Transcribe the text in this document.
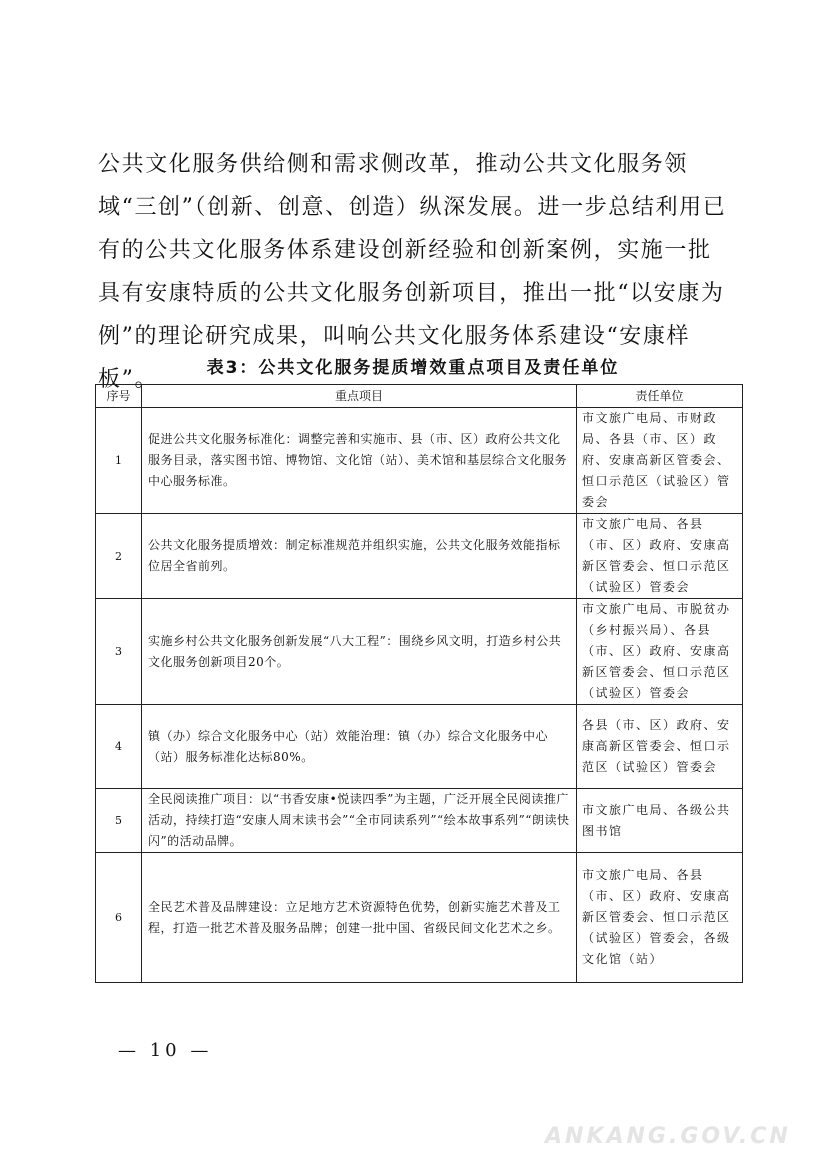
公共文化服务供给侧和需求侧改革，推动公共文化服务领域“三创”（创新、创意、创造）纵深发展。进一步总结利用已有的公共文化服务体系建设创新经验和创新案例，实施一批具有安康特质的公共文化服务创新项目，推出一批“以安康为例”的理论研究成果，叫响公共文化服务体系建设“安康样板”。	表3：公共文化服务提质增效重点项目及责任单位
序号	重点项目	责任单位
1	促进公共文化服务标准化：调整完善和实施市、县（市、区）政府公共文化服务目录，落实图书馆、博物馆、文化馆（站）、美术馆和基层综合文化服务中心服务标准。	市文旅广电局、市财政局、各县（市、区）政府、安康高新区管委会、恒口示范区（试验区）管委会
2	公共文化服务提质增效：制定标准规范并组织实施，公共文化服务效能指标位居全省前列。	市文旅广电局、各县（市、区）政府、安康高新区管委会、恒口示范区（试验区）管委会
3	实施乡村公共文化服务创新发展“八大工程”：围绕乡风文明，打造乡村公共文化服务创新项目20个。	市文旅广电局、市脱贫办（乡村振兴局）、各县（市、区）政府、安康高新区管委会、恒口示范区（试验区）管委会
4	镇（办）综合文化服务中心（站）效能治理：镇（办）综合文化服务中心（站）服务标准化达标80%。	各县（市、区）政府、安康高新区管委会、恒口示范区（试验区）管委会
5	全民阅读推广项目：以“书香安康•悦读四季”为主题，广泛开展全民阅读推广活动，持续打造“安康人周末读书会”“全市同读系列”“绘本故事系列”“朗读快闪”的活动品牌。	市文旅广电局、各级公共图书馆
6	全民艺术普及品牌建设：立足地方艺术资源特色优势，创新实施艺术普及工程，打造一批艺术普及服务品牌；创建一批中国、省级民间文化艺术之乡。	市文旅广电局、各县（市、区）政府、安康高新区管委会、恒口示范区（试验区）管委会，各级文化馆（站）
— 10 —
ANKANG.GOV.CN
